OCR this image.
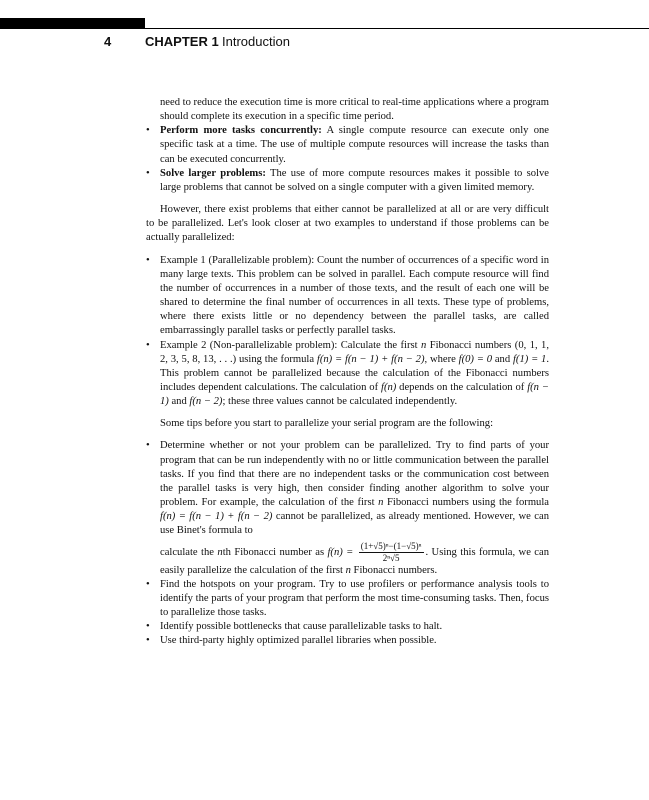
4	CHAPTER 1 Introduction
need to reduce the execution time is more critical to real-time applications where a program should complete its execution in a specific time period.
• Perform more tasks concurrently: A single compute resource can execute only one specific task at a time. The use of multiple compute resources will increase the tasks than can be executed concurrently.
• Solve larger problems: The use of more compute resources makes it possible to solve large problems that cannot be solved on a single computer with a given limited memory.

However, there exist problems that either cannot be parallelized at all or are very difficult to be parallelized. Let's look closer at two examples to understand if those problems can be actually parallelized:

• Example 1 (Parallelizable problem): Count the number of occurrences of a specific word in many large texts. This problem can be solved in parallel. Each compute resource will find the number of occurrences in a number of those texts, and the result of each one will be shared to determine the final number of occurrences in all texts. These type of problems, where there exists little or no dependency between the parallel tasks, are called embarrassingly parallel tasks or perfectly parallel tasks.
• Example 2 (Non-parallelizable problem): Calculate the first n Fibonacci numbers (0, 1, 1, 2, 3, 5, 8, 13, . . .) using the formula f(n) = f(n − 1) + f(n − 2), where f(0) = 0 and f(1) = 1. This problem cannot be parallelized because the calculation of the Fibonacci numbers includes dependent calculations. The calculation of f(n) depends on the calculation of f(n − 1) and f(n − 2); these three values cannot be calculated independently.

Some tips before you start to parallelize your serial program are the following:

• Determine whether or not your problem can be parallelized. Try to find parts of your program that can be run independently with no or little communication between the parallel tasks. If you find that there are no independent tasks or the communication cost between the parallel tasks is very high, then consider finding another algorithm to solve your problem. For example, the calculation of the first n Fibonacci numbers using the formula f(n) = f(n − 1) + f(n − 2) cannot be parallelized, as already mentioned. However, we can use Binet's formula to
calculate the nth Fibonacci number as $f(n) = \frac{\text{(1+√5)ⁿ−(1−√5)ⁿ}}{\text{2ⁿ√5}}$ . Using this formula, we can easily parallelize the calculation of the first n Fibonacci numbers.
• Find the hotspots on your program. Try to use profilers or performance analysis tools to identify the parts of your program that perform the most time-consuming tasks. Then, focus to parallelize those tasks.
• Identify possible bottlenecks that cause parallelizable tasks to halt.
• Use third-party highly optimized parallel libraries when possible.
